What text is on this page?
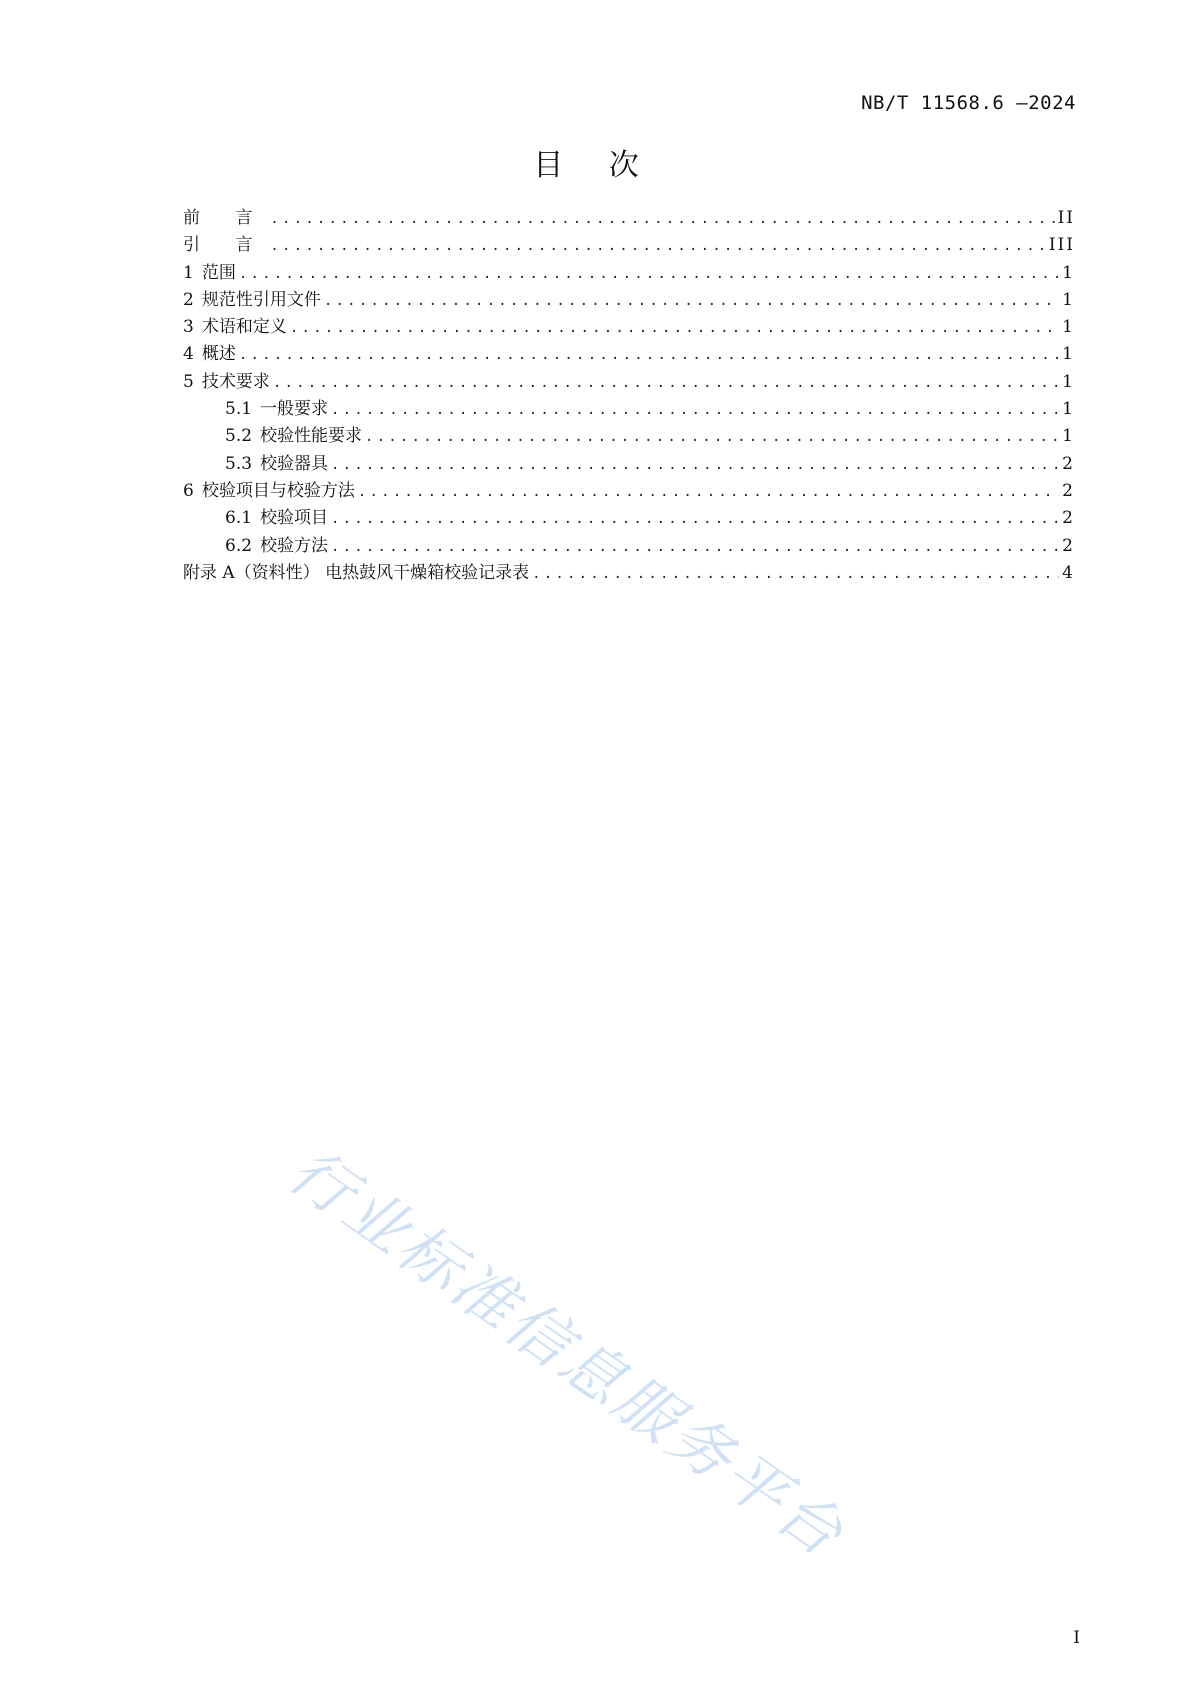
NB/T 11568.6 —2024
目 次
前 言 .....	II
引 言 .....	III
1 范围 .....	1
2 规范性引用文件 .....	1
3 术语和定义 .....	1
4 概述 .....	1
5 技术要求 .....	1
5.1 一般要求 .....	1
5.2 校验性能要求 .....	1
5.3 校验器具 .....	2
6 校验项目与校验方法 .....	2
6.1 校验项目 .....	2
6.2 校验方法 .....	2
附录 A（资料性） 电热鼓风干燥箱校验记录表 .....	4
行业标准信息服务平台
I
